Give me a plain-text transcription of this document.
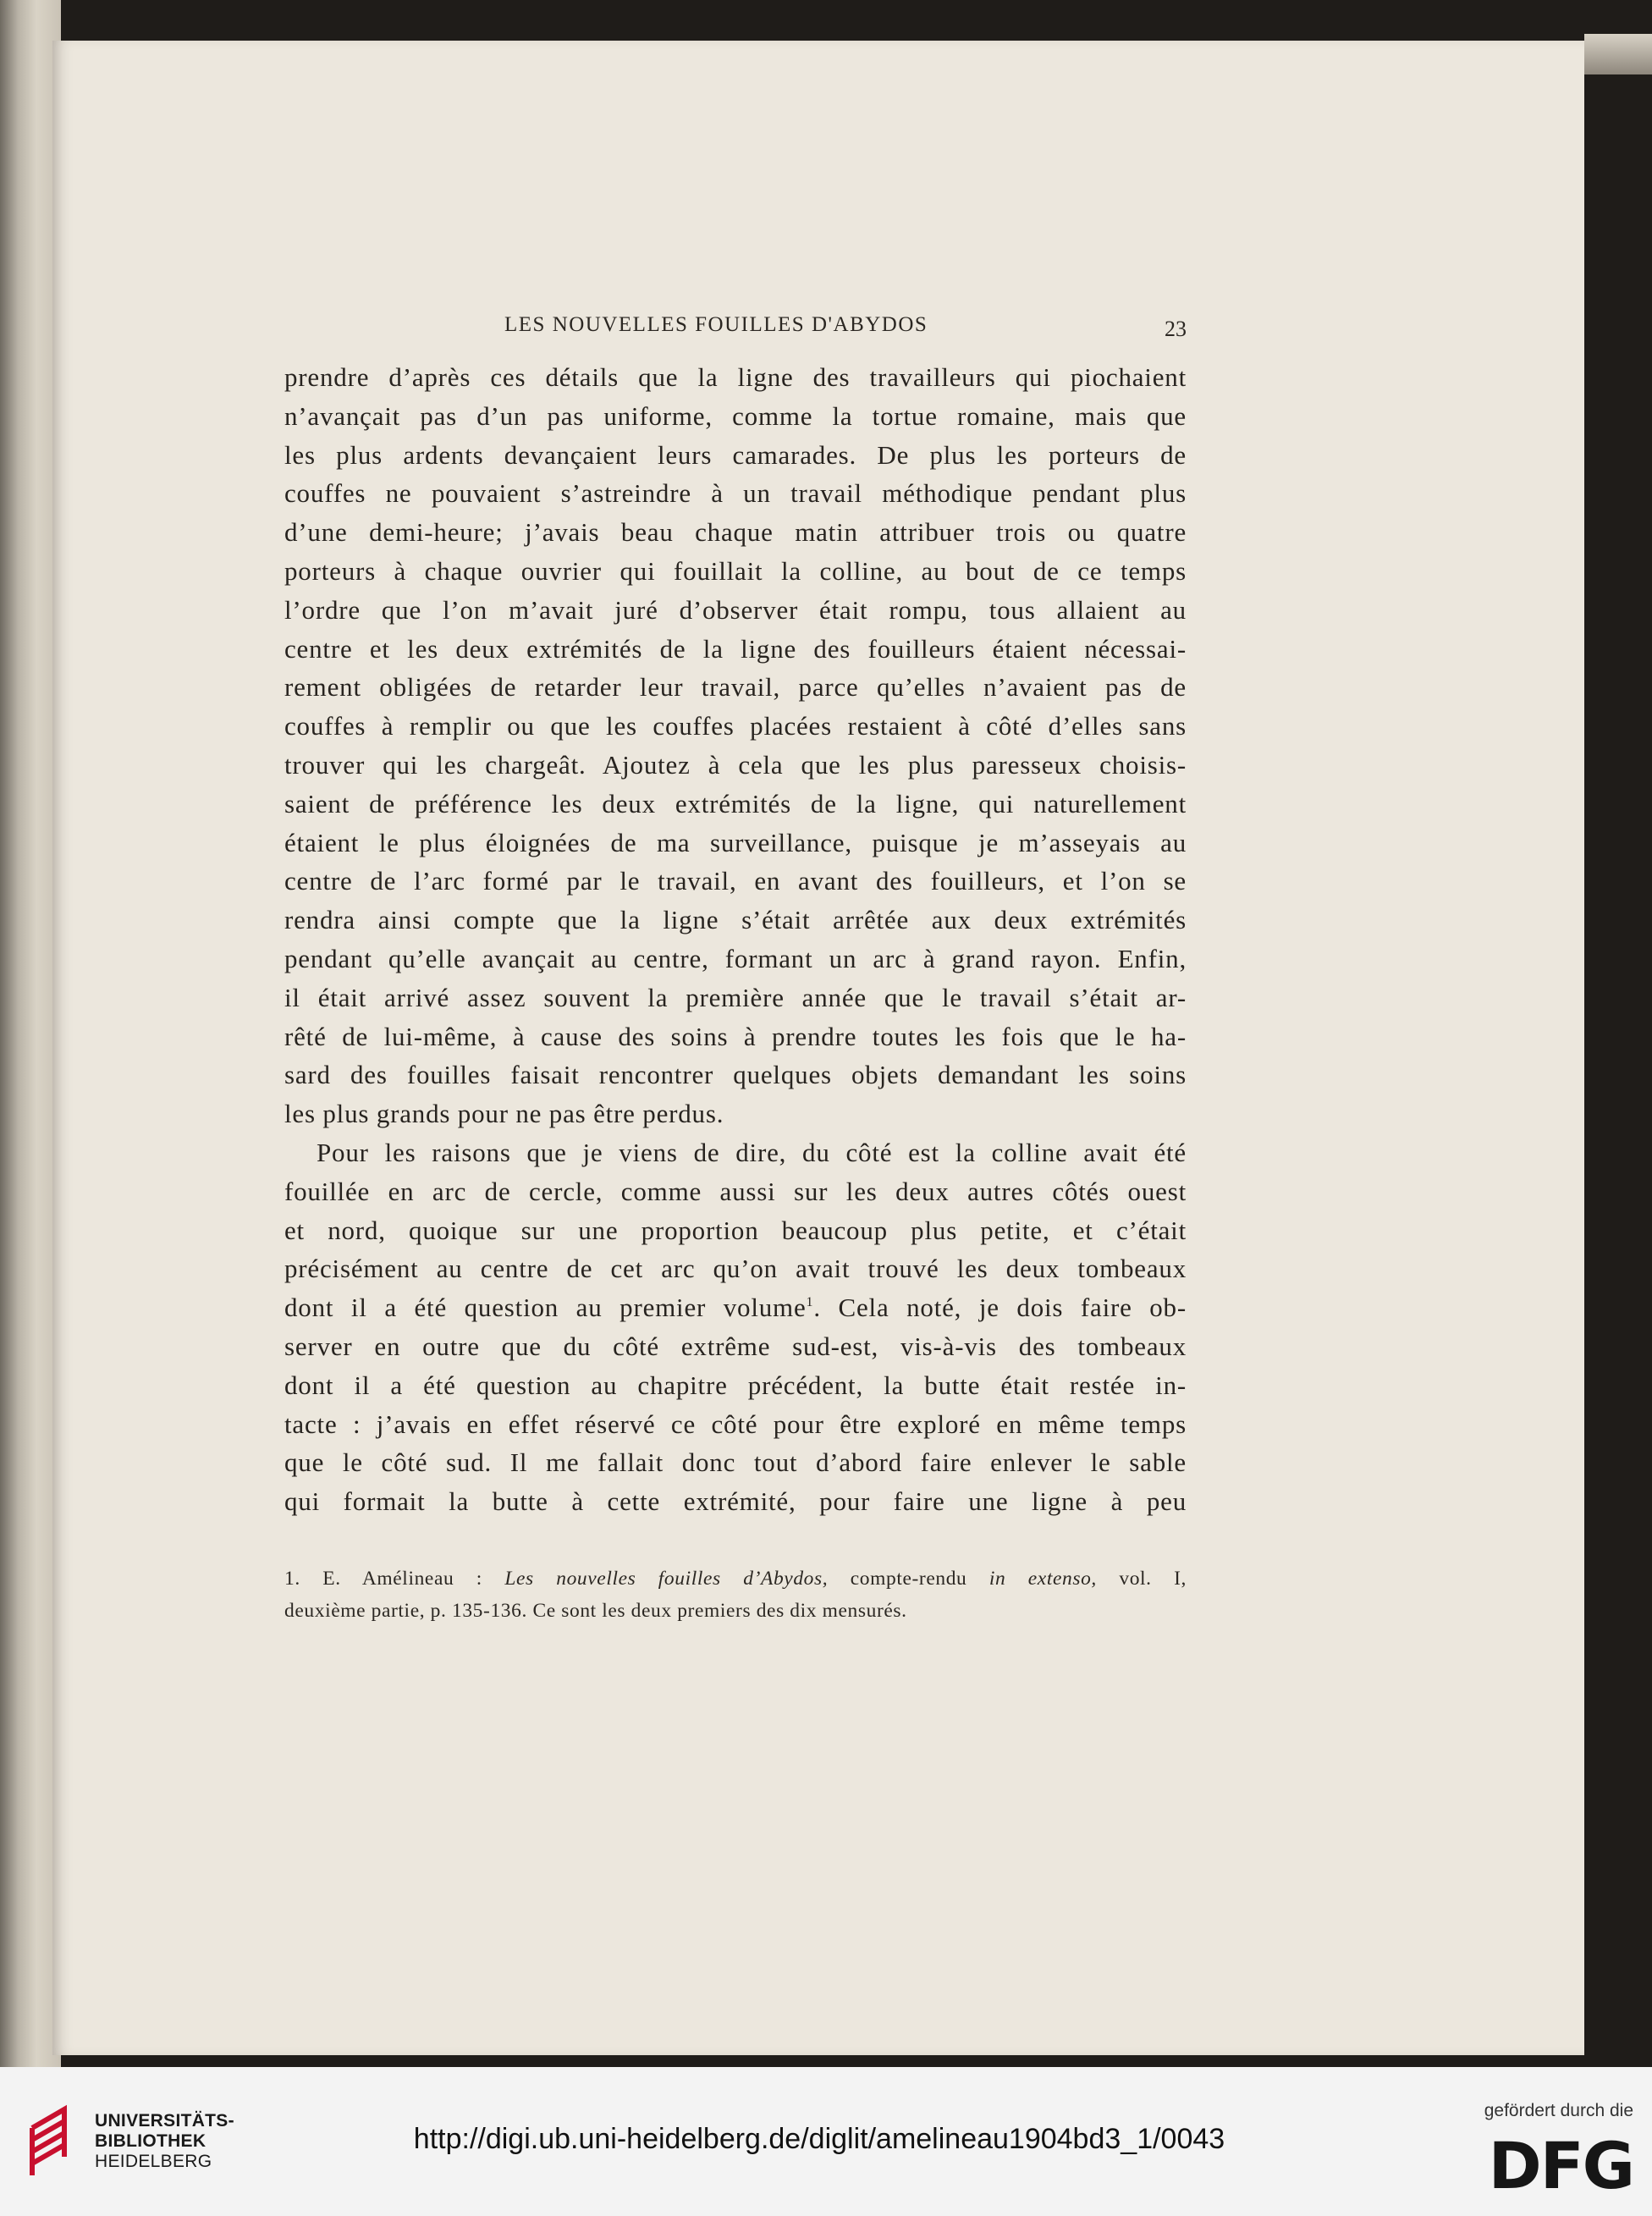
LES NOUVELLES FOUILLES D'ABYDOS	23
prendre d’après ces détails que la ligne des travailleurs qui piochaient
n’avançait pas d’un pas uniforme, comme la tortue romaine, mais que
les plus ardents devançaient leurs camarades. De plus les porteurs de
couffes ne pouvaient s’astreindre à un travail méthodique pendant plus
d’une demi-heure; j’avais beau chaque matin attribuer trois ou quatre
porteurs à chaque ouvrier qui fouillait la colline, au bout de ce temps
l’ordre que l’on m’avait juré d’observer était rompu, tous allaient au
centre et les deux extrémités de la ligne des fouilleurs étaient nécessai-
rement obligées de retarder leur travail, parce qu’elles n’avaient pas de
couffes à remplir ou que les couffes placées restaient à côté d’elles sans
trouver qui les chargeât. Ajoutez à cela que les plus paresseux choisis-
saient de préférence les deux extrémités de la ligne, qui naturellement
étaient le plus éloignées de ma surveillance, puisque je m’asseyais au
centre de l’arc formé par le travail, en avant des fouilleurs, et l’on se
rendra ainsi compte que la ligne s’était arrêtée aux deux extrémités
pendant qu’elle avançait au centre, formant un arc à grand rayon. Enfin,
il était arrivé assez souvent la première année que le travail s’était ar-
rêté de lui-même, à cause des soins à prendre toutes les fois que le ha-
sard des fouilles faisait rencontrer quelques objets demandant les soins
les plus grands pour ne pas être perdus.
Pour les raisons que je viens de dire, du côté est la colline avait été
fouillée en arc de cercle, comme aussi sur les deux autres côtés ouest
et nord, quoique sur une proportion beaucoup plus petite, et c’était
précisément au centre de cet arc qu’on avait trouvé les deux tombeaux
dont il a été question au premier volume$^1$. Cela noté, je dois faire ob-
server en outre que du côté extrême sud-est, vis-à-vis des tombeaux
dont il a été question au chapitre précédent, la butte était restée in-
tacte : j’avais en effet réservé ce côté pour être exploré en même temps
que le côté sud. Il me fallait donc tout d’abord faire enlever le sable
qui formait la butte à cette extrémité, pour faire une ligne à peu
1. E. Amélineau : Les nouvelles fouilles d’Abydos, compte-rendu in extenso, vol. I,
deuxième partie, p. 135-136. Ce sont les deux premiers des dix mensurés.
UNIVERSITÄTS-
BIBLIOTHEK
HEIDELBERG
http://digi.ub.uni-heidelberg.de/diglit/amelineau1904bd3_1/0043
gefördert durch die
DFG
